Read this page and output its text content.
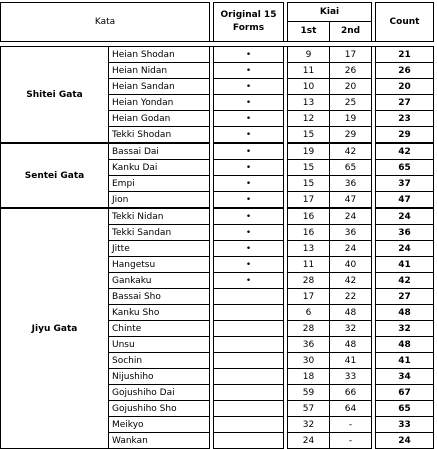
Kata			Original 15 Forms		Kiai			Count
					1st	2nd		

Shitei Gata	Heian Shodan		•		9	17		21
	Heian Nidan		•		11	26		26
	Heian Sandan		•		10	20		20
	Heian Yondan		•		13	25		27
	Heian Godan		•		12	19		23
	Tekki Shodan		•		15	29		29
Sentei Gata	Bassai Dai		•		19	42		42
	Kanku Dai		•		15	65		65
	Empi		•		15	36		37
	Jion		•		17	47		47
Jiyu Gata	Tekki Nidan		•		16	24		24
	Tekki Sandan		•		16	36		36
	Jitte		•		13	24		24
	Hangetsu		•		11	40		41
	Gankaku		•		28	42		42
	Bassai Sho				17	22		27
	Kanku Sho				6	48		48
	Chinte				28	32		32
	Unsu				36	48		48
	Sochin				30	41		41
	Nijushiho				18	33		34
	Gojushiho Dai				59	66		67
	Gojushiho Sho				57	64		65
	Meikyo				32	-		33
	Wankan				24	-		24
